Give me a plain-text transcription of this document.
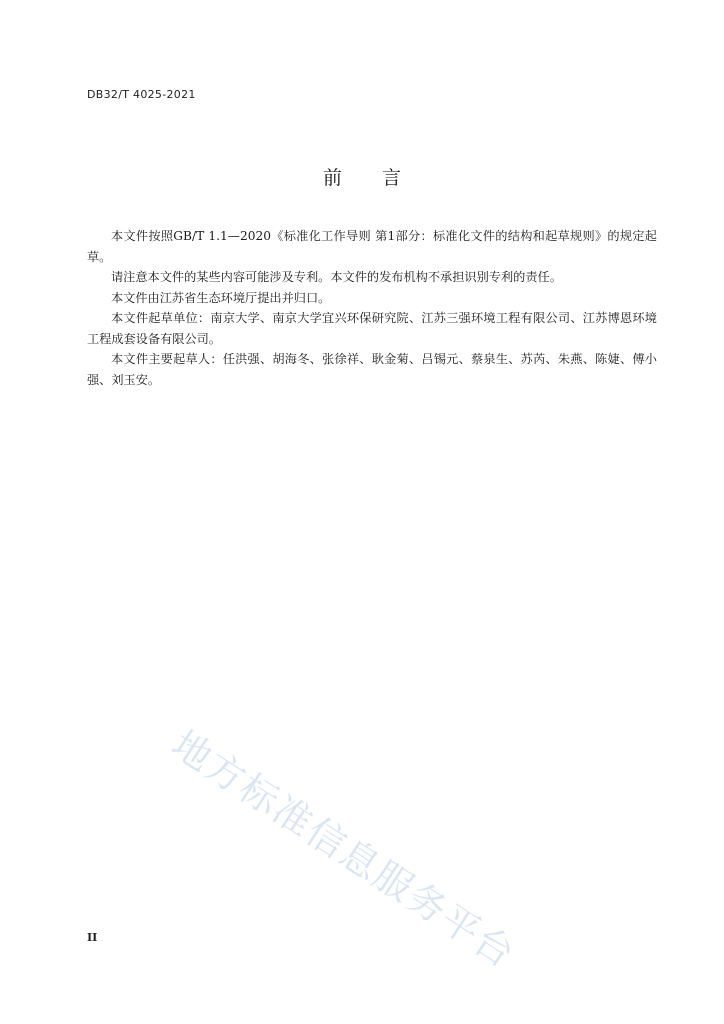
DB32/T 4025-2021
前 言

本文件按照GB/T 1.1—2020《标准化工作导则 第1部分：标准化文件的结构和起草规则》的规定起草。

请注意本文件的某些内容可能涉及专利。本文件的发布机构不承担识别专利的责任。

本文件由江苏省生态环境厅提出并归口。

本文件起草单位：南京大学、南京大学宜兴环保研究院、江苏三强环境工程有限公司、江苏博恩环境工程成套设备有限公司。

本文件主要起草人：任洪强、胡海冬、张徐祥、耿金菊、吕锡元、蔡泉生、苏芮、朱燕、陈婕、傅小强、刘玉安。

地方标准信息服务平台
II
